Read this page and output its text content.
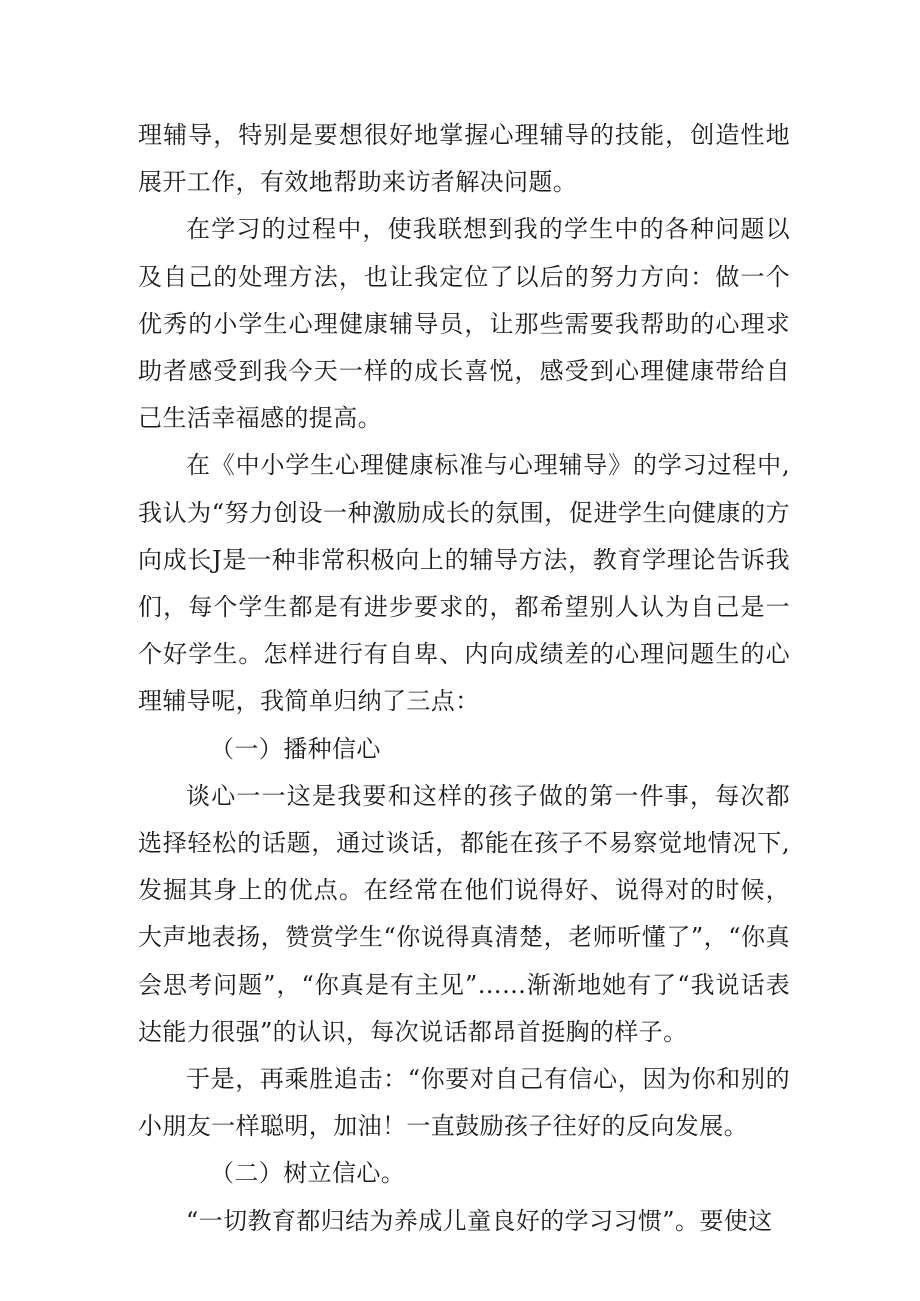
理辅导，特别是要想很好地掌握心理辅导的技能，创造性地展开工作，有效地帮助来访者解决问题。

在学习的过程中，使我联想到我的学生中的各种问题以及自己的处理方法，也让我定位了以后的努力方向：做一个优秀的小学生心理健康辅导员，让那些需要我帮助的心理求助者感受到我今天一样的成长喜悦，感受到心理健康带给自己生活幸福感的提高。

在《中小学生心理健康标准与心理辅导》的学习过程中,我认为“努力创设一种激励成长的氛围，促进学生向健康的方向成长J是一种非常积极向上的辅导方法，教育学理论告诉我们，每个学生都是有进步要求的，都希望别人认为自己是一个好学生。怎样进行有自卑、内向成绩差的心理问题生的心理辅导呢，我简单归纳了三点：

（一）播种信心

谈心一一这是我要和这样的孩子做的第一件事，每次都选择轻松的话题，通过谈话，都能在孩子不易察觉地情况下,发掘其身上的优点。在经常在他们说得好、说得对的时候，大声地表扬，赞赏学生“你说得真清楚，老师听懂了”，“你真会思考问题”，“你真是有主见”……渐渐地她有了“我说话表达能力很强”的认识，每次说话都昂首挺胸的样子。

于是，再乘胜追击：“你要对自己有信心，因为你和别的小朋友一样聪明，加油！一直鼓励孩子往好的反向发展。

（二）树立信心。

“一切教育都归结为养成儿童良好的学习习惯”。要使这
